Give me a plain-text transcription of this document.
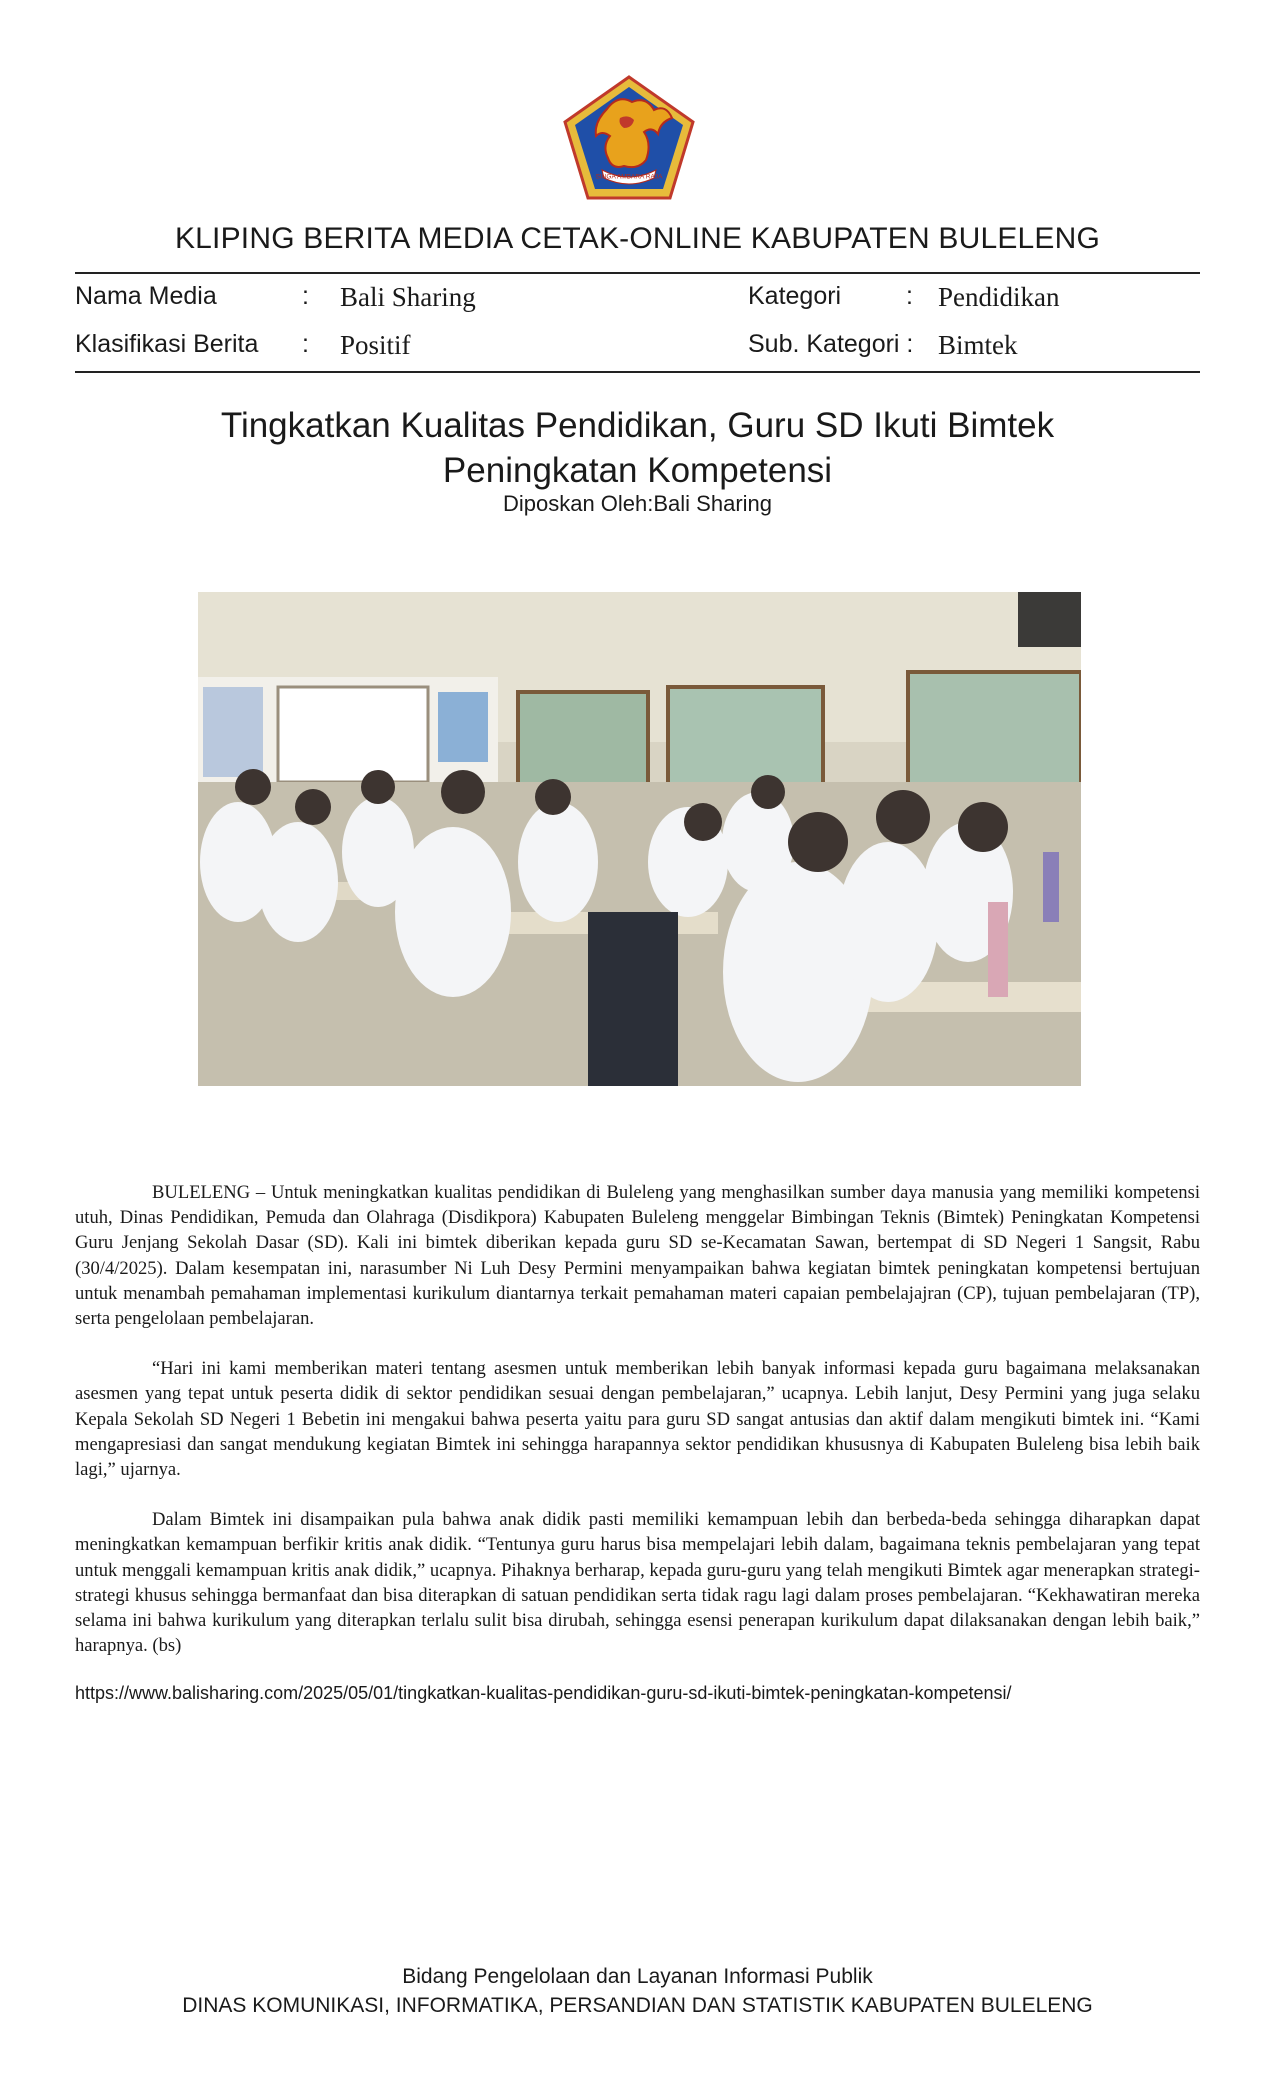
SINGA AMBARA RAJA
KLIPING BERITA MEDIA CETAK-ONLINE KABUPATEN BULELENG
Nama Media	: Bali Sharing	Kategori	: Pendidikan
Klasifikasi Berita : Positif	Sub. Kategori : Bimtek
Tingkatkan Kualitas Pendidikan, Guru SD Ikuti Bimtek
Peningkatan Kompetensi
Diposkan Oleh:Bali Sharing

BULELENG – Untuk meningkatkan kualitas pendidikan di Buleleng yang menghasilkan sumber daya manusia yang memiliki kompetensi utuh, Dinas Pendidikan, Pemuda dan Olahraga (Disdikpora) Kabupaten Buleleng menggelar Bimbingan Teknis (Bimtek) Peningkatan Kompetensi Guru Jenjang Sekolah Dasar (SD). Kali ini bimtek diberikan kepada guru SD se-Kecamatan Sawan, bertempat di SD Negeri 1 Sangsit, Rabu (30/4/2025). Dalam kesempatan ini, narasumber Ni Luh Desy Permini menyampaikan bahwa kegiatan bimtek peningkatan kompetensi bertujuan untuk menambah pemahaman implementasi kurikulum diantarnya terkait pemahaman materi capaian pembelajajran (CP), tujuan pembelajaran (TP), serta pengelolaan pembelajaran.

“Hari ini kami memberikan materi tentang asesmen untuk memberikan lebih banyak informasi kepada guru bagaimana melaksanakan asesmen yang tepat untuk peserta didik di sektor pendidikan sesuai dengan pembelajaran,” ucapnya. Lebih lanjut, Desy Permini yang juga selaku Kepala Sekolah SD Negeri 1 Bebetin ini mengakui bahwa peserta yaitu para guru SD sangat antusias dan aktif dalam mengikuti bimtek ini. “Kami mengapresiasi dan sangat mendukung kegiatan Bimtek ini sehingga harapannya sektor pendidikan khususnya di Kabupaten Buleleng bisa lebih baik lagi,” ujarnya.

Dalam Bimtek ini disampaikan pula bahwa anak didik pasti memiliki kemampuan lebih dan berbeda-beda sehingga diharapkan dapat meningkatkan kemampuan berfikir kritis anak didik. “Tentunya guru harus bisa mempelajari lebih dalam, bagaimana teknis pembelajaran yang tepat untuk menggali kemampuan kritis anak didik,” ucapnya. Pihaknya berharap, kepada guru-guru yang telah mengikuti Bimtek agar menerapkan strategi-strategi khusus sehingga bermanfaat dan bisa diterapkan di satuan pendidikan serta tidak ragu lagi dalam proses pembelajaran. “Kekhawatiran mereka selama ini bahwa kurikulum yang diterapkan terlalu sulit bisa dirubah, sehingga esensi penerapan kurikulum dapat dilaksanakan dengan lebih baik,” harapnya. (bs)

https://www.balisharing.com/2025/05/01/tingkatkan-kualitas-pendidikan-guru-sd-ikuti-bimtek-peningkatan-kompetensi/
Bidang Pengelolaan dan Layanan Informasi Publik
DINAS KOMUNIKASI, INFORMATIKA, PERSANDIAN DAN STATISTIK KABUPATEN BULELENG
